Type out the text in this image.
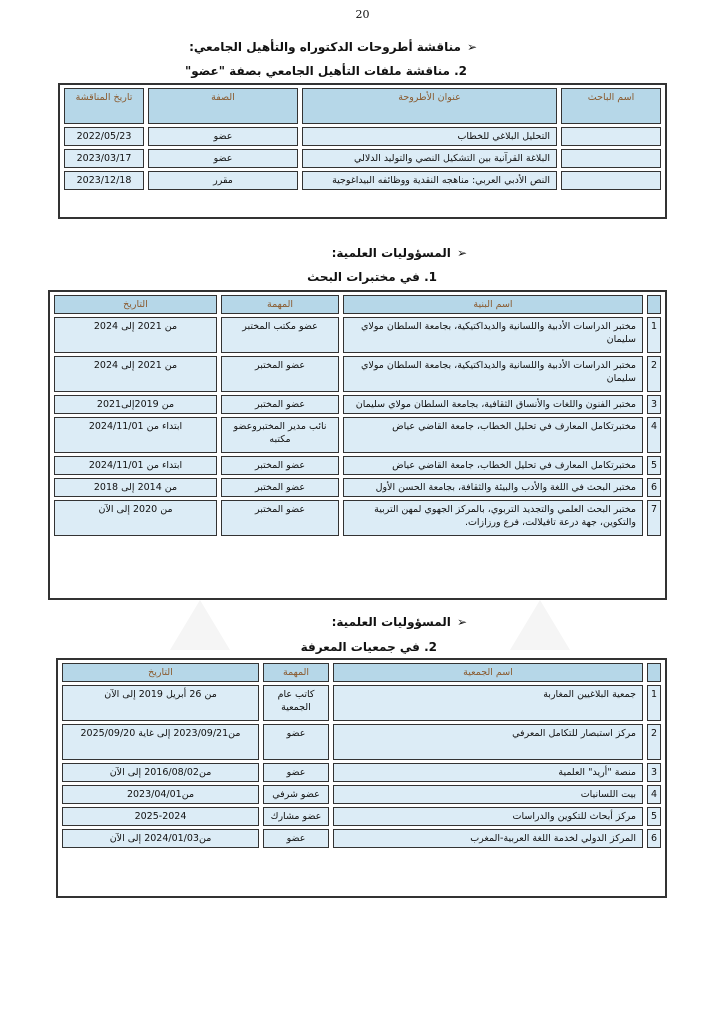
20
➢مناقشة أطروحات الدكتوراه والتأهيل الجامعي:
2. مناقشة ملفات التأهيل الجامعي بصفة "عضو"
اسم الباحث	عنوان الأطروحة	الصفة	تاريخ المناقشة
	التحليل البلاغي للخطاب	عضو	2022/05/23
	البلاغة القرآنية بين التشكيل النصي والتوليد الدلالي	عضو	2023/03/17
	النص الأدبي العربي: مناهجه النقدية ووظائفه البيداغوجية	مقرر	2023/12/18
➢المسؤوليات العلمية:
1. في مختبرات البحث
	اسم البنية	المهمة	التاريخ
1	مختبر الدراسات الأدبية واللسانية والديداكتيكية، بجامعة السلطان مولاي سليمان	عضو مكتب المختبر	من 2021 إلى 2024
2	مختبر الدراسات الأدبية واللسانية والديداكتيكية، بجامعة السلطان مولاي سليمان	عضو المختبر	من 2021 إلى 2024
3	مختبر الفنون واللغات والأنساق الثقافية، بجامعة السلطان مولاي سليمان	عضو المختبر	من 2019إلى2021
4	مختبرتكامل المعارف في تحليل الخطاب، جامعة القاضي عياض	نائب مدير المختبروعضو مكتبه	ابتداء من 2024/11/01
5	مختبرتكامل المعارف في تحليل الخطاب، جامعة القاضي عياض	عضو المختبر	ابتداء من 2024/11/01
6	مختبر البحث في اللغة والأدب والبيئة والثقافة، بجامعة الحسن الأول	عضو المختبر	من 2014 إلى 2018
7	مختبر البحث العلمي والتجديد التربوي، بالمركز الجهوي لمهن التربية والتكوين، جهة درعة تافيلالت، فرع ورزازات.	عضو المختبر	من 2020 إلى الآن
➢المسؤوليات العلمية:
2. في جمعيات المعرفة
	اسم الجمعية	المهمة	التاريخ
1	جمعية البلاغيين المغاربة	كاتب عام الجمعية	من 26 أبريل 2019 إلى الآن
2	مركز استبصار للتكامل المعرفي	عضو	من2023/09/21 إلى غاية 2025/09/20
3	منصة "أريد" العلمية	عضو	من2016/08/02 إلى الآن
4	بيت اللسانيات	عضو شرفي	من2023/04/01
5	مركز أبحاث للتكوين والدراسات	عضو مشارك	2025-2024
6	المركز الدولي لخدمة اللغة العربية-المغرب	عضو	من2024/01/03 إلى الآن
